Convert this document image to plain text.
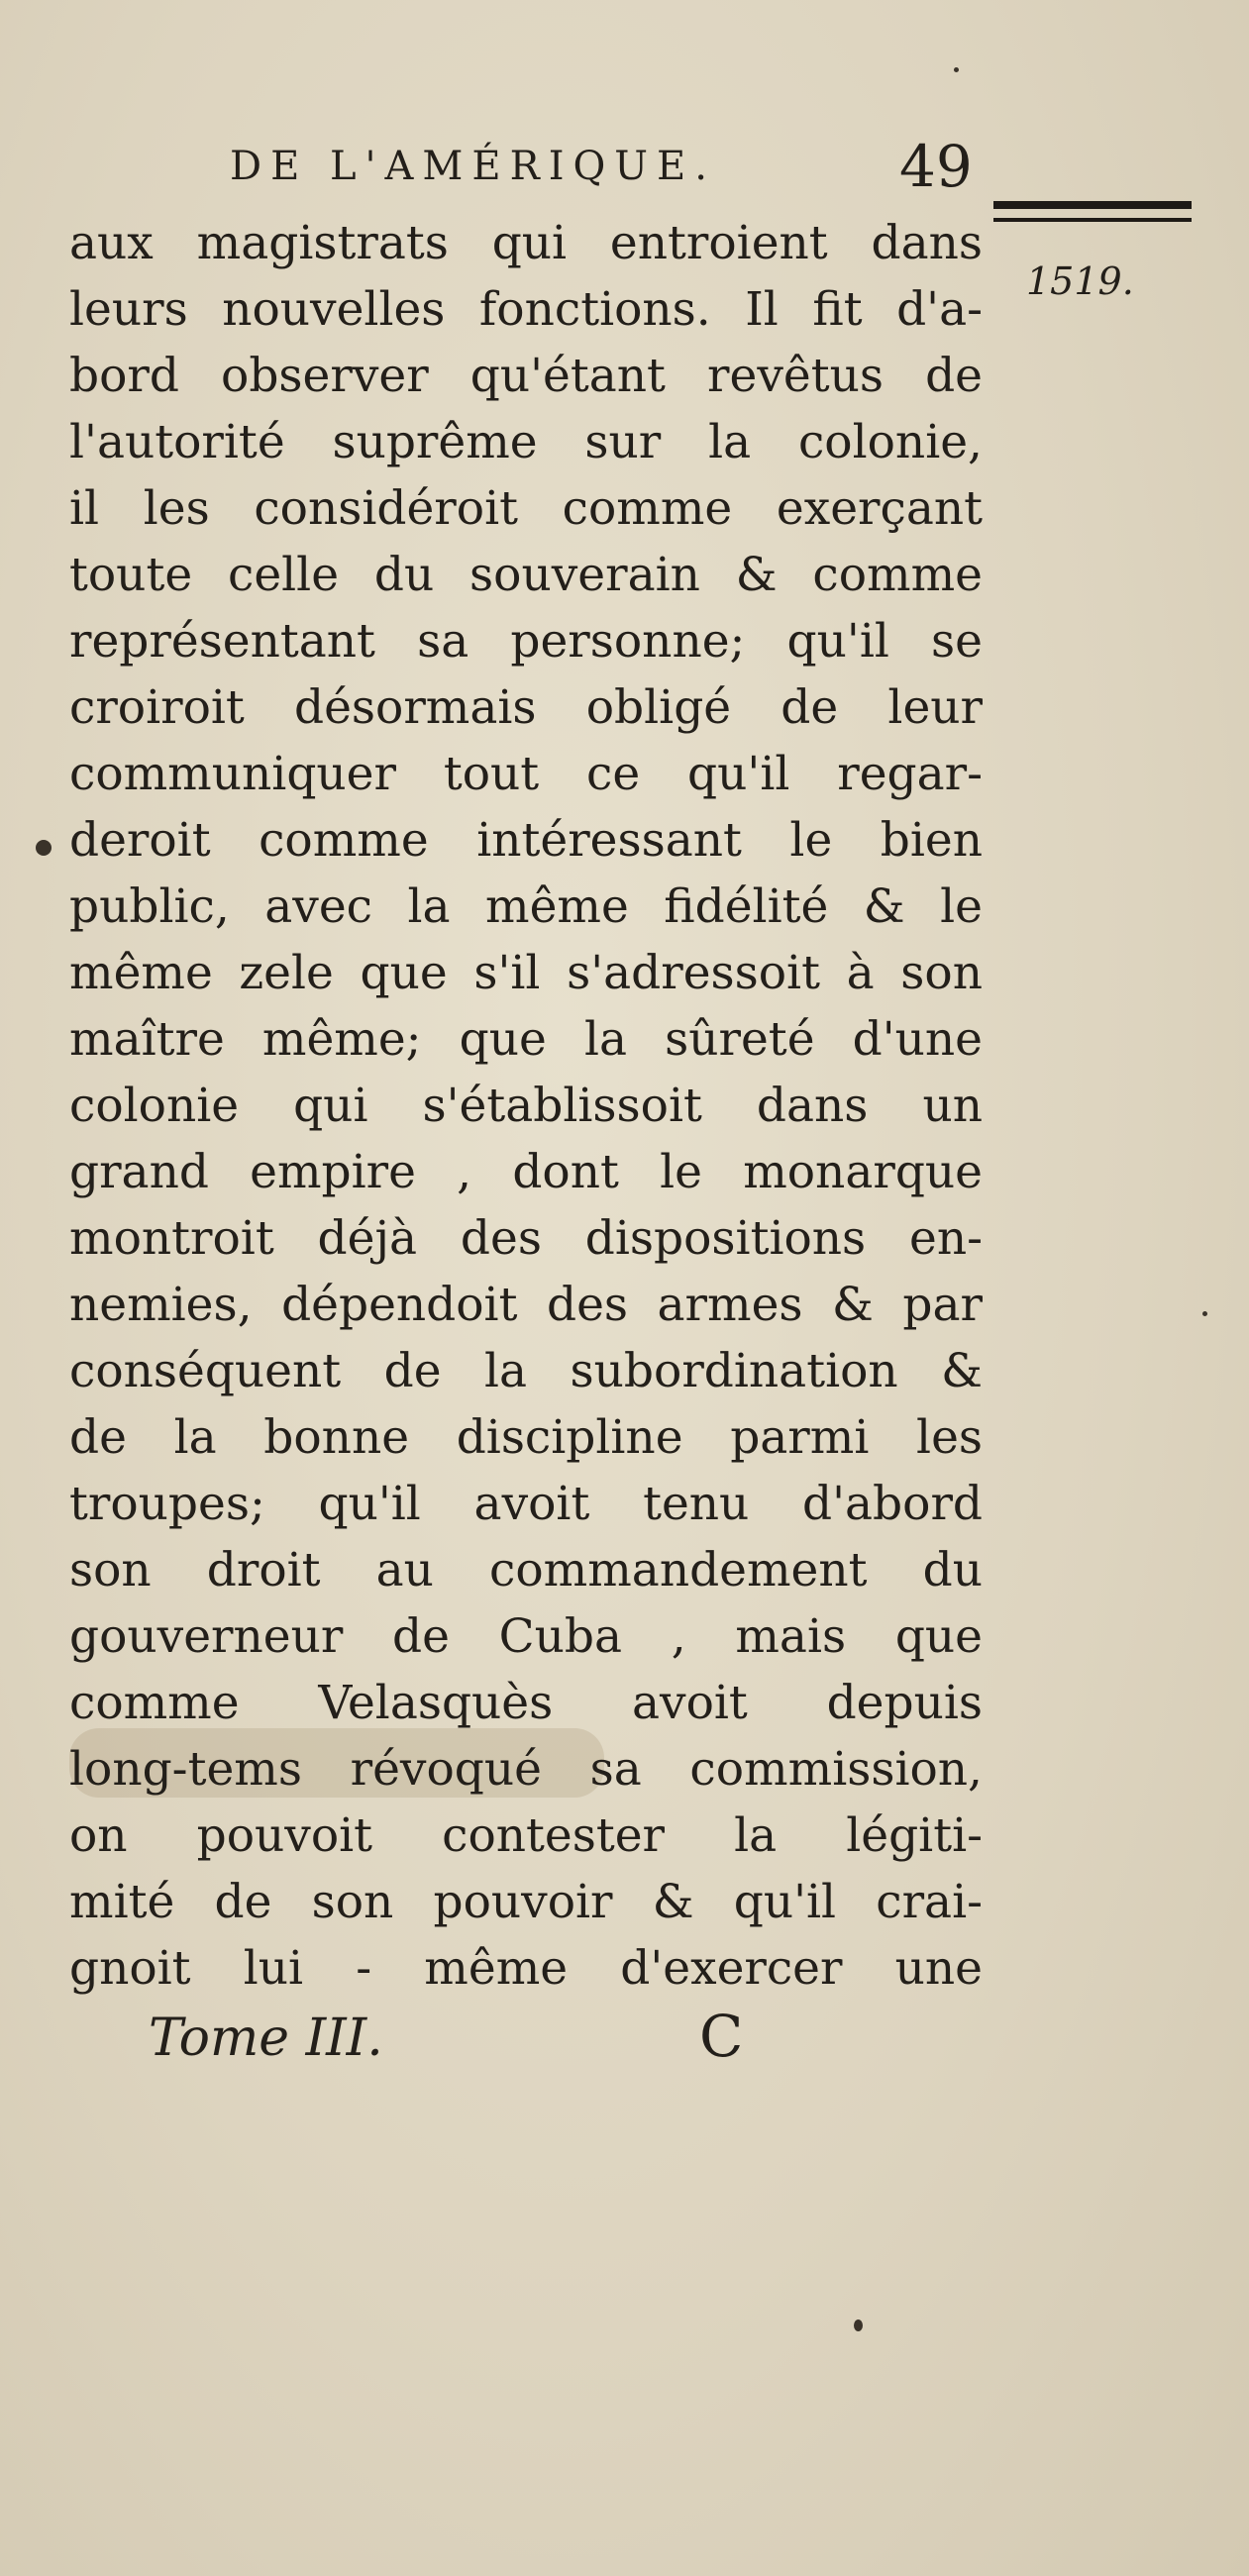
DE L'AMÉRIQUE.	49
1519.
aux magistrats qui entroient dans
leurs nouvelles fonctions. Il fit d'a-
bord observer qu'étant revêtus de
l'autorité suprême sur la colonie,
il les considéroit comme exerçant
toute celle du souverain & comme
représentant sa personne; qu'il se
croiroit désormais obligé de leur
communiquer tout ce qu'il regar-
deroit comme intéressant le bien
public, avec la même fidélité & le
même zele que s'il s'adressoit à son
maître même; que la sûreté d'une
colonie qui s'établissoit dans un
grand empire , dont le monarque
montroit déjà des dispositions en-
nemies, dépendoit des armes & par
conséquent de la subordination &
de la bonne discipline parmi les
troupes; qu'il avoit tenu d'abord
son droit au commandement du
gouverneur de Cuba , mais que
comme Velasquès avoit depuis
long-tems révoqué sa commission,
on pouvoit contester la légiti-
mité de son pouvoir & qu'il crai-
gnoit lui - même d'exercer une
Tome III.	C
